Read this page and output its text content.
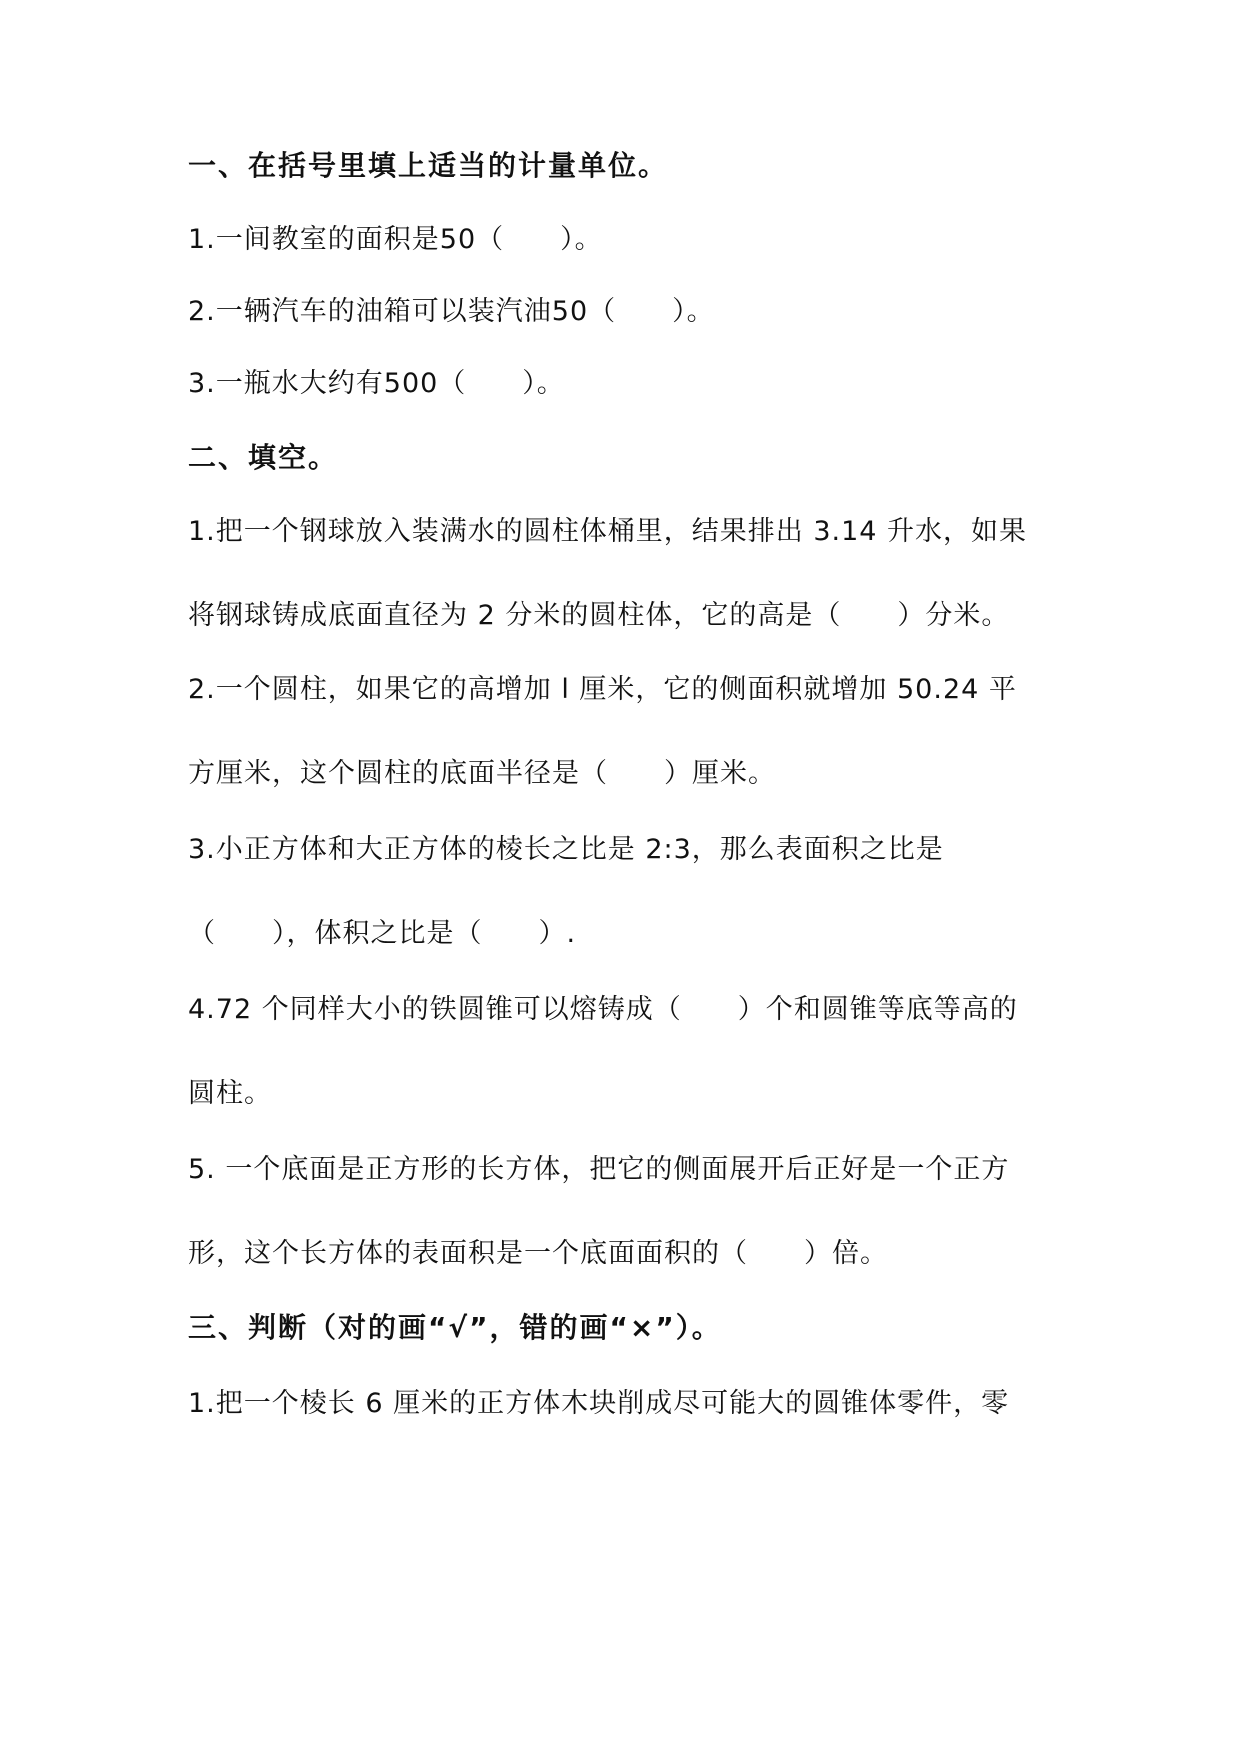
一、在括号里填上适当的计量单位。
1.一间教室的面积是50（　　）。
2.一辆汽车的油箱可以装汽油50（　　）。
3.一瓶水大约有500（　　）。
二、填空。
1.把一个钢球放入装满水的圆柱体桶里，结果排出 3.14 升水，如果
将钢球铸成底面直径为 2 分米的圆柱体，它的高是（　　）分米。
2.一个圆柱，如果它的高增加 l 厘米，它的侧面积就增加 50.24 平
方厘米，这个圆柱的底面半径是（　　）厘米。
3.小正方体和大正方体的棱长之比是 2:3，那么表面积之比是
（　　），体积之比是（　　）.
4.72 个同样大小的铁圆锥可以熔铸成（　　）个和圆锥等底等高的
圆柱。
5. 一个底面是正方形的长方体，把它的侧面展开后正好是一个正方
形，这个长方体的表面积是一个底面面积的（　　）倍。
三、判断（对的画“√”，错的画“×”）。
1.把一个棱长 6 厘米的正方体木块削成尽可能大的圆锥体零件，零
